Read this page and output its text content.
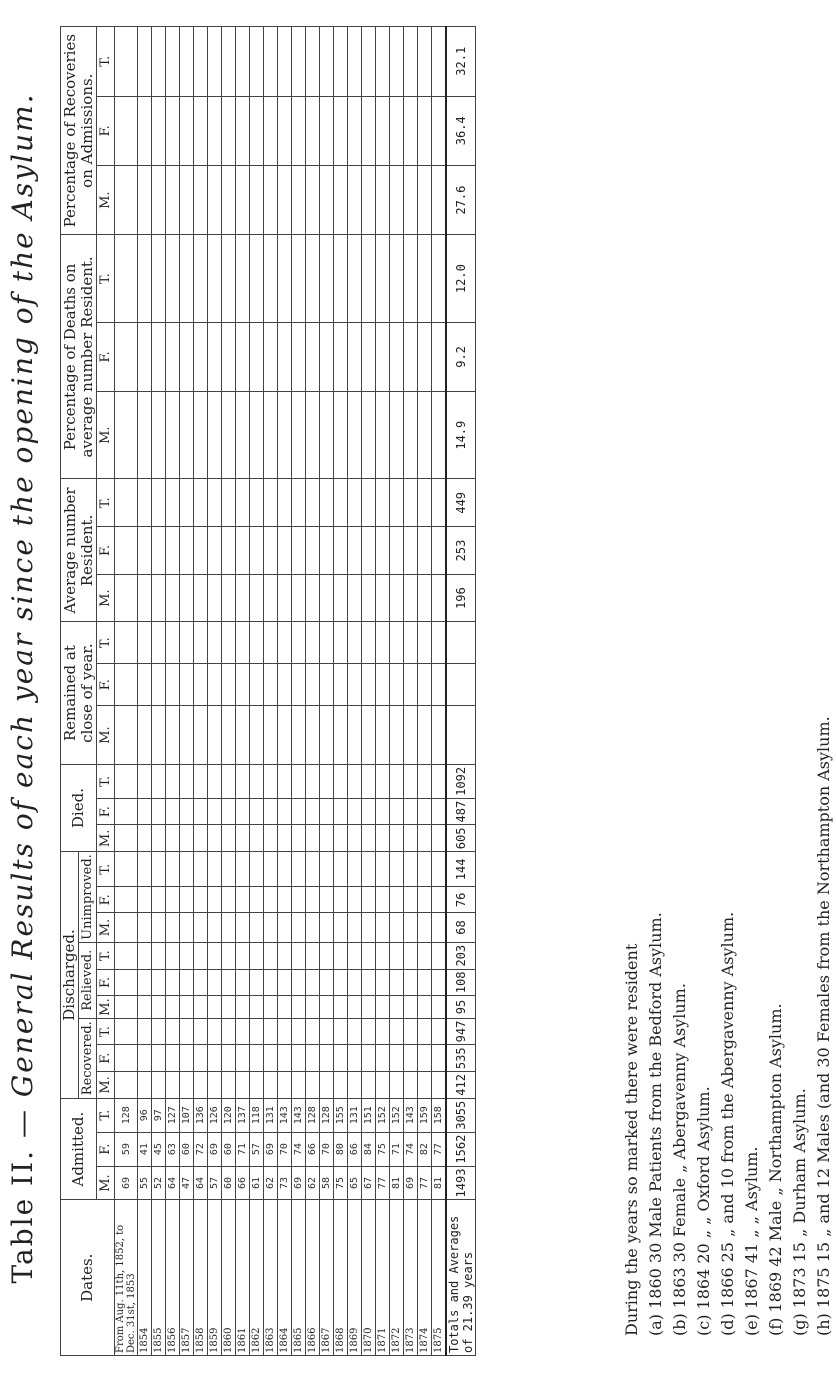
Table II. — General Results of each year since the opening of the Asylum.
Dates.	Admitted.			Discharged.									Died.			Remained at close of year.			Average number Resident.			Percentage of Deaths on average number Resident.			Percentage of Recoveries on Admissions.		
				Recovered.			Relieved.			Unimproved.																	
	M.	F.	T.	M.	F.	T.	M.	F.	T.	M.	F.	T.	M.	F.	T.	M.	F.	T.	M.	F.	T.	M.	F.	T.	M.	F.	T.
From Aug. 11th, 1852, to Dec. 31st, 1853	69	59	128																								
1854	55	41	96																								
1855	52	45	97																								
1856	64	63	127																								
1857	47	60	107																								
1858	64	72	136																								
1859	57	69	126																								
1860	60	60	120																								
1861	66	71	137																								
1862	61	57	118																								
1863	62	69	131																								
1864	73	70	143																								
1865	69	74	143																								
1866	62	66	128																								
1867	58	70	128																								
1868	75	80	155																								
1869	65	66	131																								
1870	67	84	151																								
1871	77	75	152																								
1872	81	71	152																								
1873	69	74	143																								
1874	77	82	159																								
1875	81	77	158																								
Totals and Averages of 21.39 years	1493	1562	3055	412	535	947	95	108	203	68	76	144	605	487	1092				196	253	449	14.9	9.2	12.0	27.6	36.4	32.1
During the years so marked there were resident (a) 1860 30 Male Patients from the Bedford Asylum. (b) 1863 30 Female „ Abergavenny Asylum. (c) 1864 20 „ „ Oxford Asylum. (d) 1866 25 „ and 10 from the Abergavenny Asylum. (e) 1867 41 „ „ Asylum. (f) 1869 42 Male „ Northampton Asylum. (g) 1873 15 „ Durham Asylum. (h) 1875 15 „ and 12 Males (and 30 Females from the Northampton Asylum.
